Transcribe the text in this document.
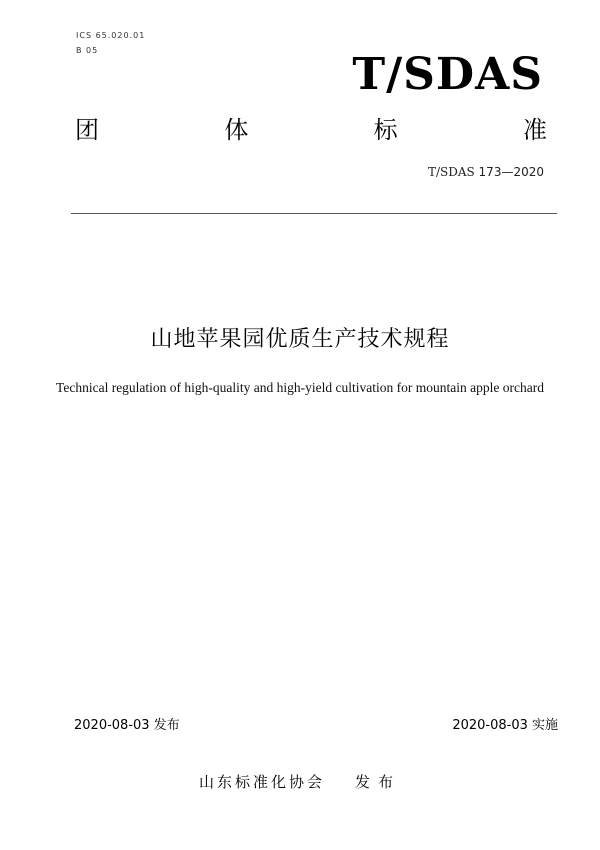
ICS 65.020.01
B 05	T/SDAS
团	体	标	准
T/SDAS 173—2020
山地苹果园优质生产技术规程
Technical regulation of high-quality and high-yield cultivation for mountain apple orchard
2020-08-03 发布	2020-08-03 实施
山东标准化协会 发布
